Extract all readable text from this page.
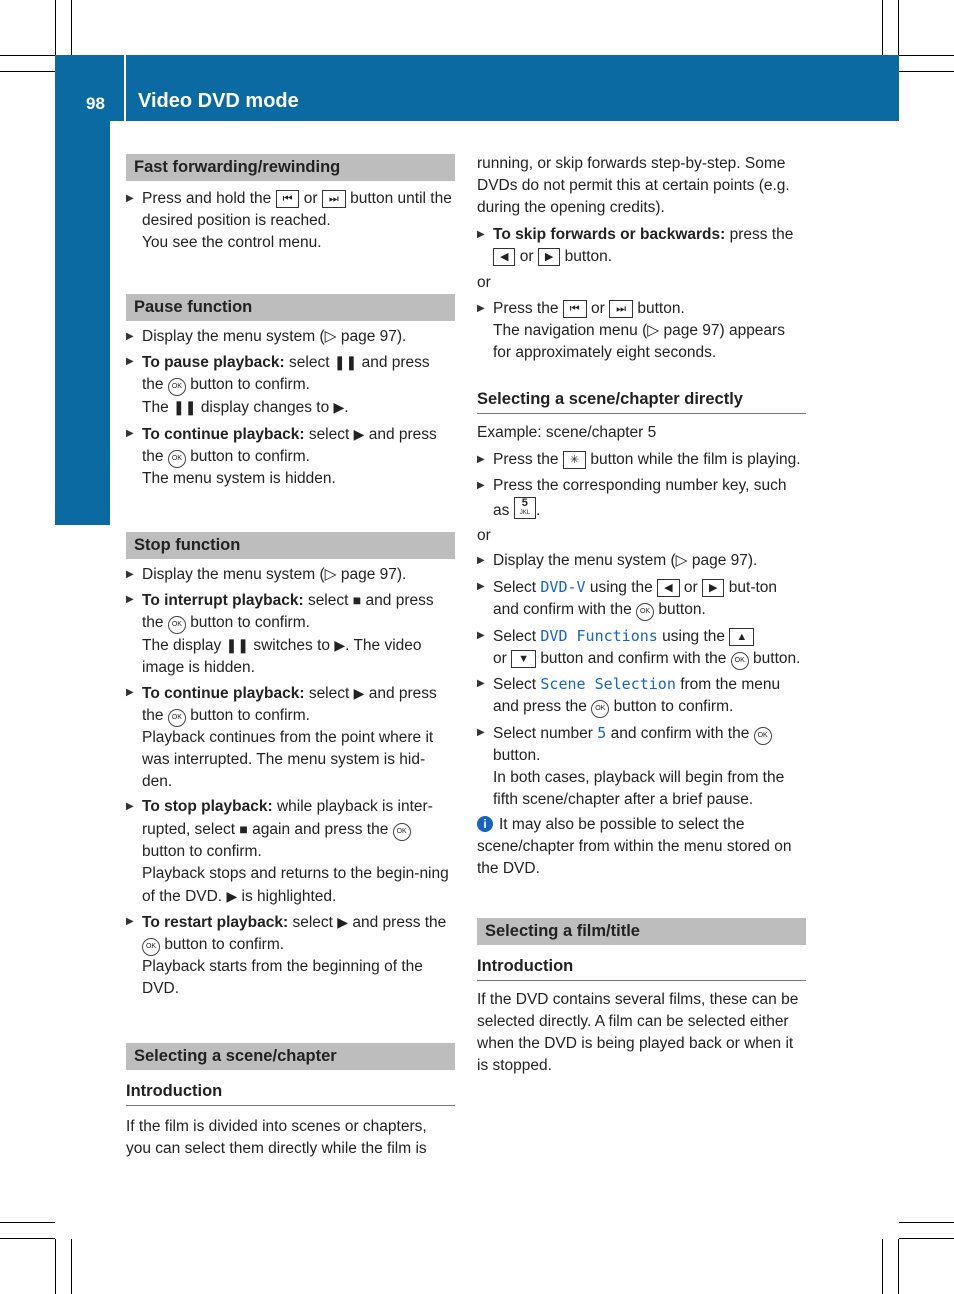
98 Video DVD mode
Rear Seat Entertainment
Fast forwarding/rewinding
▶ Press and hold the ⏮ or ⏭ button until the desired position is reached.
You see the control menu.
Pause function
▶ Display the menu system (▷ page 97).
▶ To pause playback: select ❚❚ and press the OK button to confirm.
The ❚❚ display changes to ▶.
▶ To continue playback: select ▶ and press the OK button to confirm.
The menu system is hidden.
Stop function
▶ Display the menu system (▷ page 97).
▶ To interrupt playback: select ■ and press the OK button to confirm.
The display ❚❚ switches to ▶. The video image is hidden.
▶ To continue playback: select ▶ and press the OK button to confirm.
Playback continues from the point where it was interrupted. The menu system is hid-den.
▶ To stop playback: while playback is inter-rupted, select ■ again and press the OK button to confirm.
Playback stops and returns to the begin-ning of the DVD. ▶ is highlighted.
▶ To restart playback: select ▶ and press the OK button to confirm.
Playback starts from the beginning of the DVD.
Selecting a scene/chapter
Introduction

If the film is divided into scenes or chapters, you can select them directly while the film is

running, or skip forwards step-by-step. Some DVDs do not permit this at certain points (e.g. during the opening credits).

▶ To skip forwards or backwards: press the ◀ or ▶ button.

or

▶ Press the ⏮ or ⏭ button.
The navigation menu (▷ page 97) appears for approximately eight seconds.
Selecting a scene/chapter directly

Example: scene/chapter 5

▶ Press the ✳ button while the film is playing.
▶ Press the corresponding number key, such as 5
JKL .

or

▶ Display the menu system (▷ page 97).
▶ Select DVD-V using the ◀ or ▶ but-ton and confirm with the OK button.
▶ Select DVD Functions using the ▲
or ▼ button and confirm with the OK button.
▶ Select Scene Selection from the menu and press the OK button to confirm.
▶ Select number 5 and confirm with the OK button.
In both cases, playback will begin from the fifth scene/chapter after a brief pause.

i It may also be possible to select the scene/chapter from within the menu stored on the DVD.

Selecting a film/title
Introduction

If the DVD contains several films, these can be selected directly. A film can be selected either when the DVD is being played back or when it is stopped.
